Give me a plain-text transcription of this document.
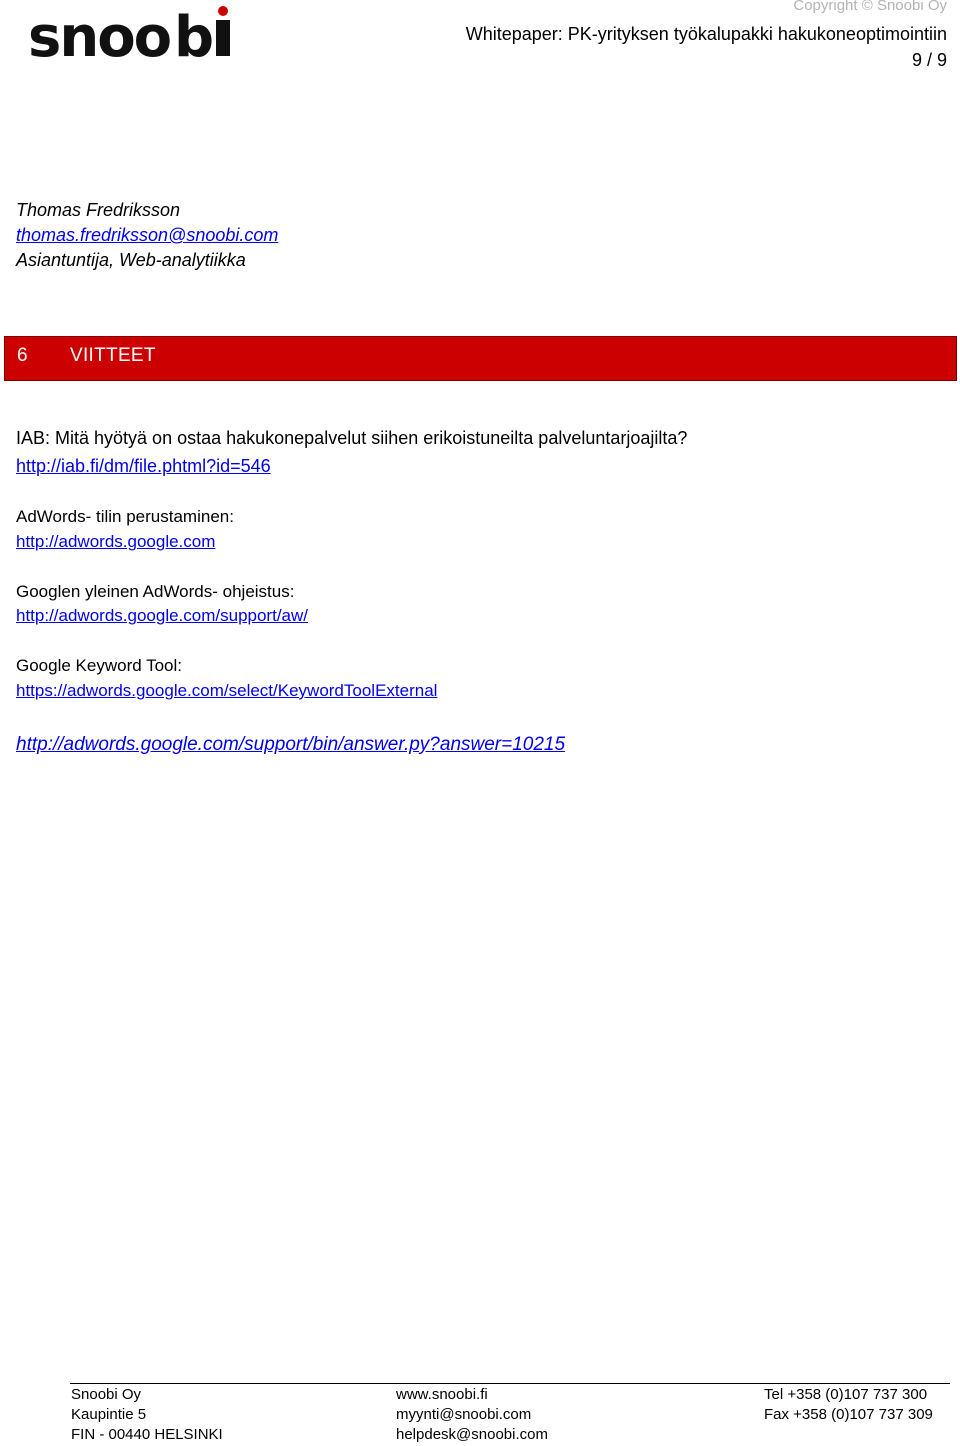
snoo b	Copyright © Snoobi Oy
Whitepaper: PK-yrityksen työkalupakki hakukoneoptimointiin
9 / 9
Thomas Fredriksson
thomas.fredriksson@snoobi.com
Asiantuntija, Web-analytiikka
6 VIITTEET
IAB: Mitä hyötyä on ostaa hakukonepalvelut siihen erikoistuneilta palveluntarjoajilta?
http://iab.fi/dm/file.phtml?id=546
AdWords- tilin perustaminen:
http://adwords.google.com
Googlen yleinen AdWords- ohjeistus:
http://adwords.google.com/support/aw/
Google Keyword Tool:
https://adwords.google.com/select/KeywordToolExternal
http://adwords.google.com/support/bin/answer.py?answer=10215
Snoobi Oy
Kaupintie 5
FIN - 00440 HELSINKI
www.snoobi.fi
myynti@snoobi.com
helpdesk@snoobi.com
Tel +358 (0)107 737 300
Fax +358 (0)107 737 309
